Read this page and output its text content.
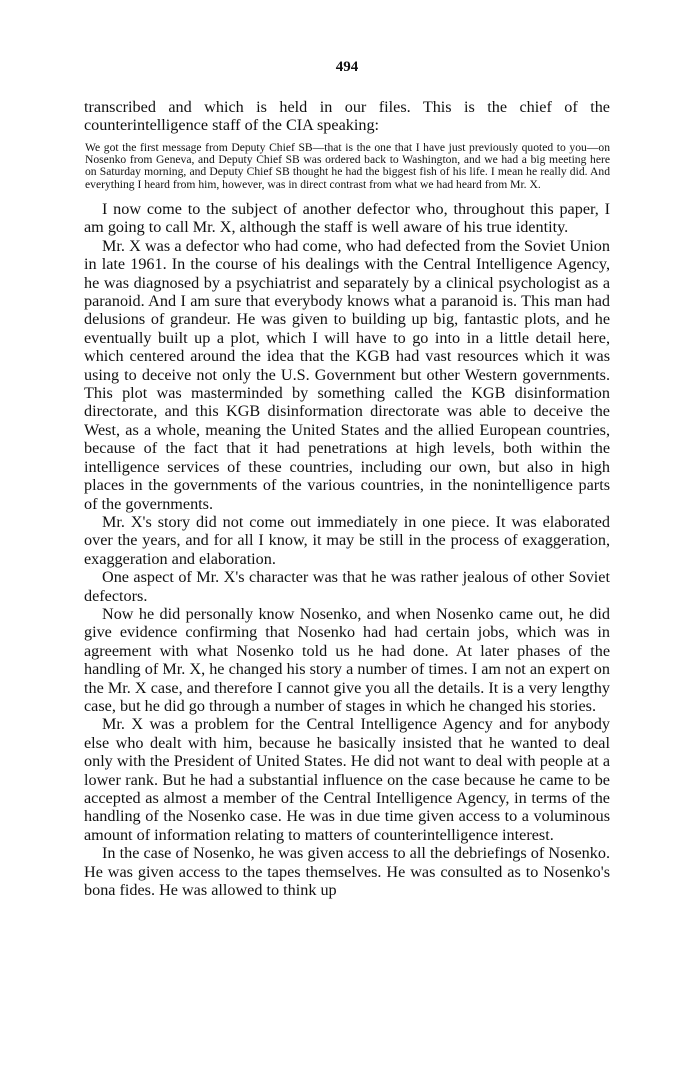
494

transcribed and which is held in our files. This is the chief of the counterintelligence staff of the CIA speaking:

We got the first message from Deputy Chief SB—that is the one that I have just previously quoted to you—on Nosenko from Geneva, and Deputy Chief SB was ordered back to Washington, and we had a big meeting here on Saturday morning, and Deputy Chief SB thought he had the biggest fish of his life. I mean he really did. And everything I heard from him, however, was in direct contrast from what we had heard from Mr. X.

I now come to the subject of another defector who, throughout this paper, I am going to call Mr. X, although the staff is well aware of his true identity.

Mr. X was a defector who had come, who had defected from the Soviet Union in late 1961. In the course of his dealings with the Central Intelligence Agency, he was diagnosed by a psychiatrist and separately by a clinical psychologist as a paranoid. And I am sure that everybody knows what a paranoid is. This man had delusions of grandeur. He was given to building up big, fantastic plots, and he eventually built up a plot, which I will have to go into in a little detail here, which centered around the idea that the KGB had vast resources which it was using to deceive not only the U.S. Government but other Western governments. This plot was masterminded by something called the KGB disinformation directorate, and this KGB disinformation directorate was able to deceive the West, as a whole, meaning the United States and the allied European countries, because of the fact that it had penetrations at high levels, both within the intelligence services of these countries, including our own, but also in high places in the governments of the various countries, in the nonintelligence parts of the governments.

Mr. X's story did not come out immediately in one piece. It was elaborated over the years, and for all I know, it may be still in the process of exaggeration, exaggeration and elaboration.

One aspect of Mr. X's character was that he was rather jealous of other Soviet defectors.

Now he did personally know Nosenko, and when Nosenko came out, he did give evidence confirming that Nosenko had had certain jobs, which was in agreement with what Nosenko told us he had done. At later phases of the handling of Mr. X, he changed his story a number of times. I am not an expert on the Mr. X case, and therefore I cannot give you all the details. It is a very lengthy case, but he did go through a number of stages in which he changed his stories.

Mr. X was a problem for the Central Intelligence Agency and for anybody else who dealt with him, because he basically insisted that he wanted to deal only with the President of United States. He did not want to deal with people at a lower rank. But he had a substantial influence on the case because he came to be accepted as almost a member of the Central Intelligence Agency, in terms of the handling of the Nosenko case. He was in due time given access to a voluminous amount of information relating to matters of counterintelligence interest.

In the case of Nosenko, he was given access to all the debriefings of Nosenko. He was given access to the tapes themselves. He was consulted as to Nosenko's bona fides. He was allowed to think up
